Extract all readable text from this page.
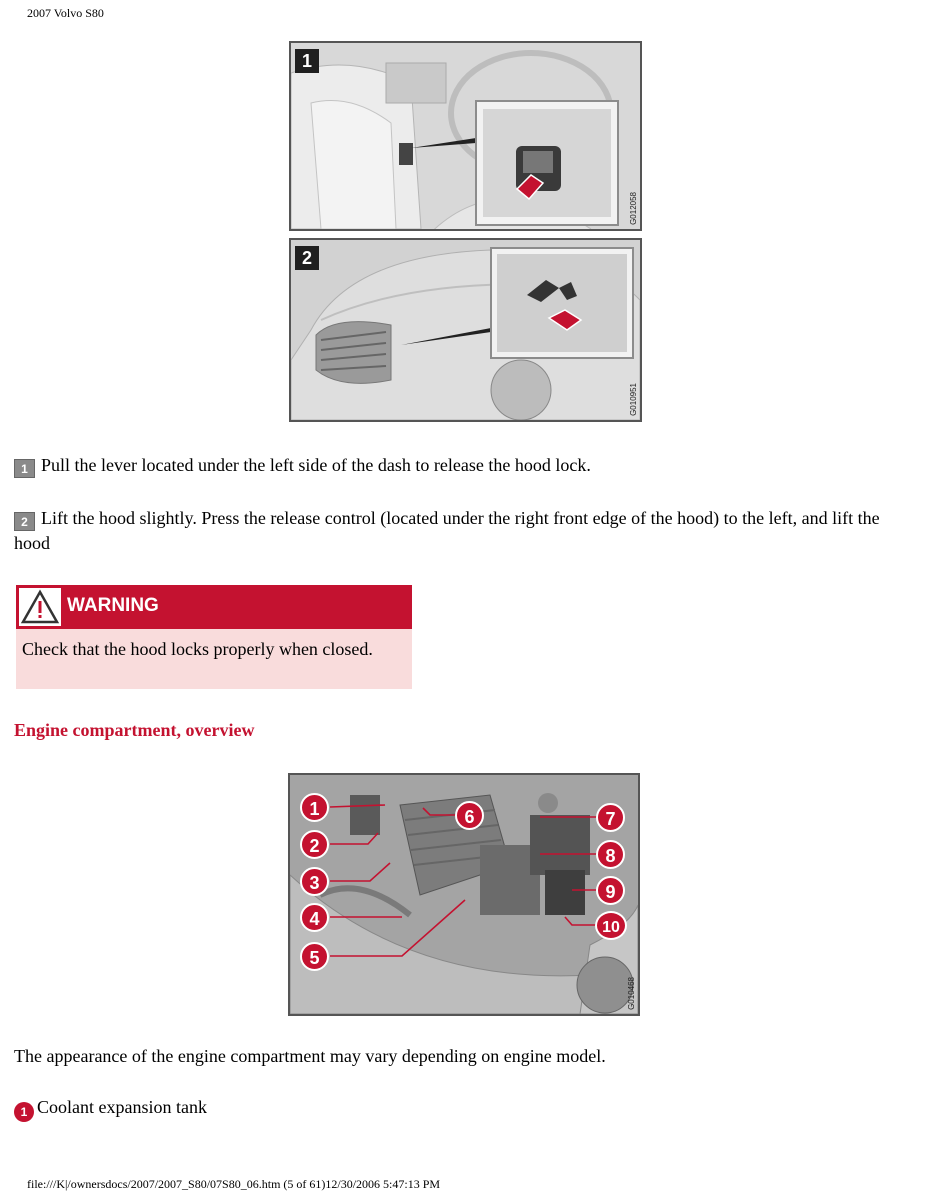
2007 Volvo S80
1
G012058
2
G010951
1 Pull the lever located under the left side of the dash to release the hood lock.
2 Lift the hood slightly. Press the release control (located under the right front edge of the hood) to the left, and lift the hood
WARNING
Check that the hood locks properly when closed.
Engine compartment, overview
1
2
3
4
5
6	7
8
9
10
G010468
The appearance of the engine compartment may vary depending on engine model.
1 Coolant expansion tank
file:///K|/ownersdocs/2007/2007_S80/07S80_06.htm (5 of 61)12/30/2006 5:47:13 PM
